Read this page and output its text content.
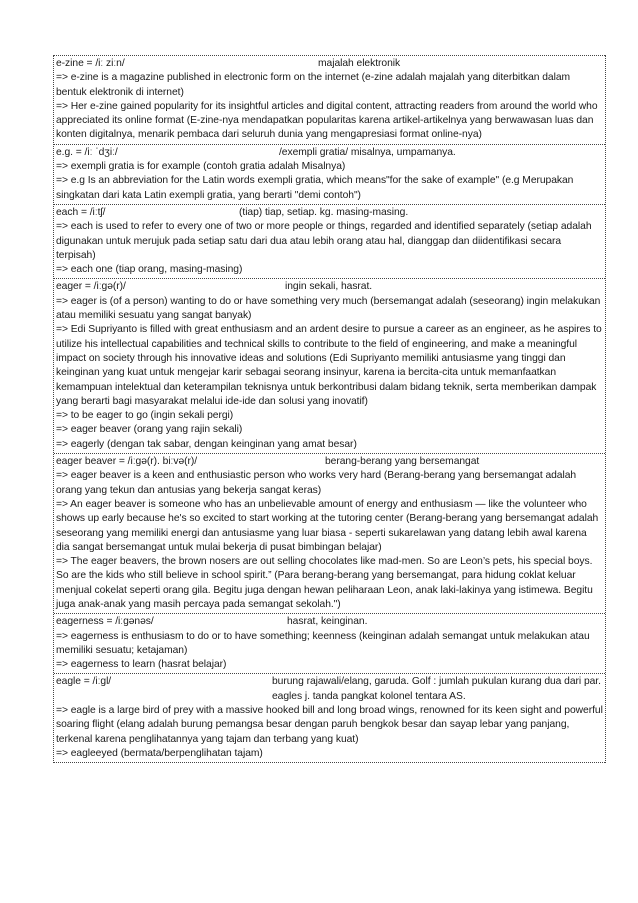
e-zine = /iː ziːn/	majalah elektronik
=> e-zine is a magazine published in electronic form on the internet (e-zine adalah majalah yang diterbitkan dalam bentuk elektronik di internet)
=> Her e-zine gained popularity for its insightful articles and digital content, attracting readers from around the world who appreciated its online format (E-zine-nya mendapatkan popularitas karena artikel-artikelnya yang berwawasan luas dan konten digitalnya, menarik pembaca dari seluruh dunia yang mengapresiasi format online-nya)
e.g. = /iː ˈdʒiː/	/exempli gratia/ misalnya, umpamanya.
=> exempli gratia is for example (contoh gratia adalah Misalnya)
=> e.g Is an abbreviation for the Latin words exempli gratia, which means"for the sake of example" (e.g Merupakan singkatan dari kata Latin exempli gratia, yang berarti "demi contoh")
each = /iːtʃ/	(tiap) tiap, setiap. kg. masing-masing.
=> each is used to refer to every one of two or more people or things, regarded and identified separately (setiap adalah digunakan untuk merujuk pada setiap satu dari dua atau lebih orang atau hal, dianggap dan diidentifikasi secara terpisah)
=> each one (tiap orang, masing-masing)
eager = /iːɡə(r)/	ingin sekali, hasrat.
=> eager is (of a person) wanting to do or have something very much (bersemangat adalah (seseorang) ingin melakukan atau memiliki sesuatu yang sangat banyak)
=> Edi Supriyanto is filled with great enthusiasm and an ardent desire to pursue a career as an engineer, as he aspires to utilize his intellectual capabilities and technical skills to contribute to the field of engineering, and make a meaningful impact on society through his innovative ideas and solutions (Edi Supriyanto memiliki antusiasme yang tinggi dan keinginan yang kuat untuk mengejar karir sebagai seorang insinyur, karena ia bercita-cita untuk memanfaatkan kemampuan intelektual dan keterampilan teknisnya untuk berkontribusi dalam bidang teknik, serta memberikan dampak yang berarti bagi masyarakat melalui ide-ide dan solusi yang inovatif)
=> to be eager to go (ingin sekali pergi)
=> eager beaver (orang yang rajin sekali)
=> eagerly (dengan tak sabar, dengan keinginan yang amat besar)
eager beaver = /iːɡə(r). biːvə(r)/	berang-berang yang bersemangat
=> eager beaver is a keen and enthusiastic person who works very hard (Berang-berang yang bersemangat adalah orang yang tekun dan antusias yang bekerja sangat keras)
=> An eager beaver is someone who has an unbelievable amount of energy and enthusiasm — like the volunteer who shows up early because he's so excited to start working at the tutoring center (Berang-berang yang bersemangat adalah seseorang yang memiliki energi dan antusiasme yang luar biasa - seperti sukarelawan yang datang lebih awal karena dia sangat bersemangat untuk mulai bekerja di pusat bimbingan belajar)
=> The eager beavers, the brown nosers are out selling chocolates like mad-men. So are Leon’s pets, his special boys. So are the kids who still believe in school spirit.” (Para berang-berang yang bersemangat, para hidung coklat keluar menjual cokelat seperti orang gila. Begitu juga dengan hewan peliharaan Leon, anak laki-lakinya yang istimewa. Begitu juga anak-anak yang masih percaya pada semangat sekolah.")
eagerness = /iːɡənəs/	hasrat, keinginan.
=> eagerness is enthusiasm to do or to have something; keenness (keinginan adalah semangat untuk melakukan atau memiliki sesuatu; ketajaman)
=> eagerness to learn (hasrat belajar)
eagle = /iːɡl/	burung rajawali/elang, garuda. Golf : jumlah pukulan kurang dua dari par. eagles j. tanda pangkat kolonel tentara AS.
=> eagle is a large bird of prey with a massive hooked bill and long broad wings, renowned for its keen sight and powerful soaring flight (elang adalah burung pemangsa besar dengan paruh bengkok besar dan sayap lebar yang panjang, terkenal karena penglihatannya yang tajam dan terbang yang kuat)
=> eagleeyed (bermata/berpenglihatan tajam)
